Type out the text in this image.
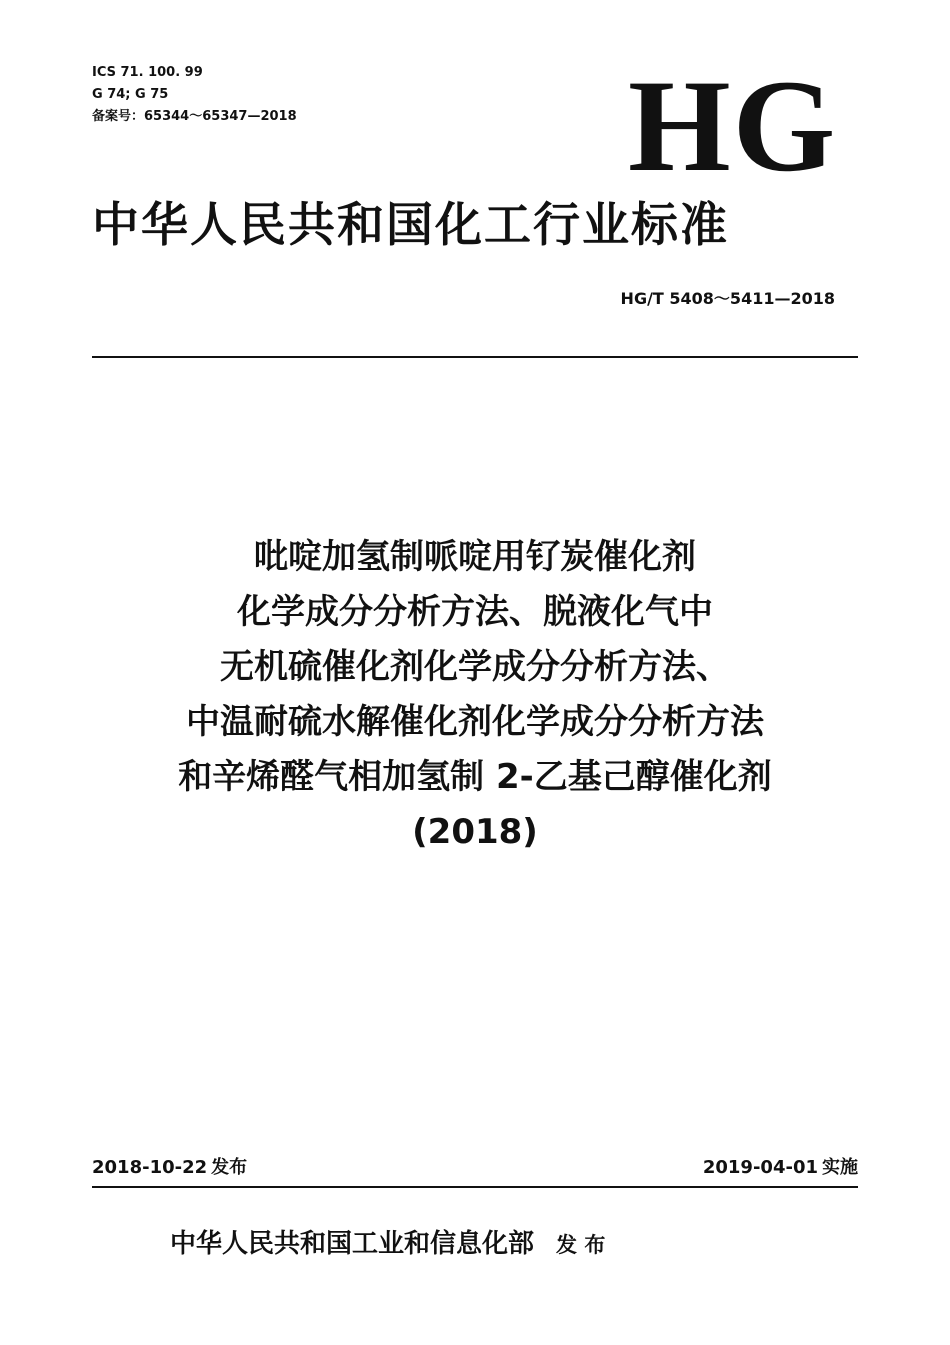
ICS 71. 100. 99
G 74; G 75
备案号：65344～65347—2018	HG
中华人民共和国化工行业标准
HG/T 5408～5411—2018
吡啶加氢制哌啶用钌炭催化剂
化学成分分析方法、脱液化气中
无机硫催化剂化学成分分析方法、
中温耐硫水解催化剂化学成分分析方法
和辛烯醛气相加氢制 2-乙基己醇催化剂
(2018)
2018-10-22 发布	2019-04-01 实施
中华人民共和国工业和信息化部 发 布
